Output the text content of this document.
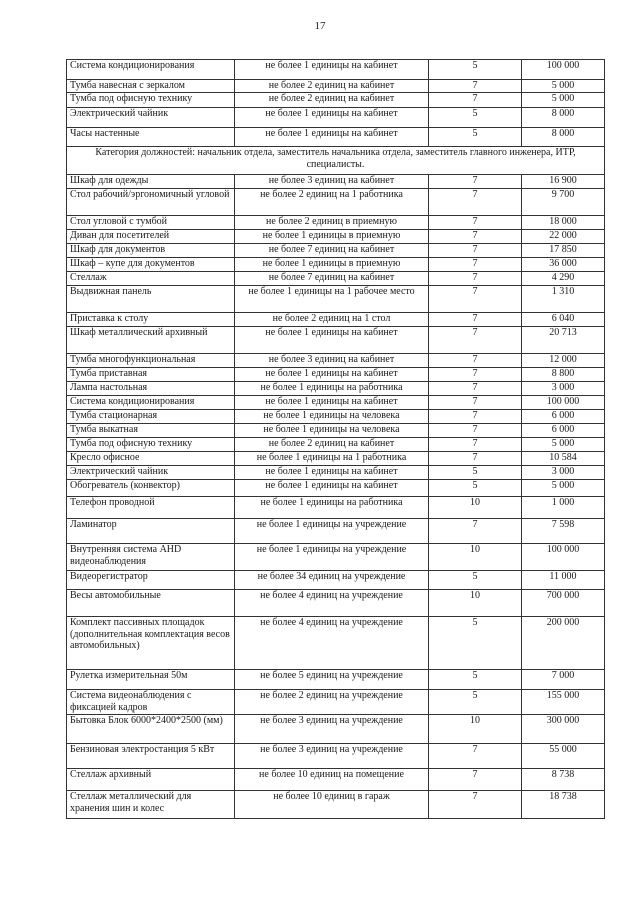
17
Система кондиционирования	не более 1 единицы на кабинет	5	100 000
Тумба навесная с зеркалом	не более 2 единиц на кабинет	7	5 000
Тумба под офисную технику	не более 2 единиц на кабинет	7	5 000
Электрический чайник	не более 1 единицы на кабинет	5	8 000
Часы настенные	не более 1 единицы на кабинет	5	8 000
Категория должностей: начальник отдела, заместитель начальника отдела, заместитель главного инженера, ИТР, специалисты.			
Шкаф для одежды	не более 3 единиц на кабинет	7	16 900
Стол рабочий/эргономичный угловой	не более 2 единиц на 1 работника	7	9 700
Стол угловой с тумбой	не более 2 единиц в приемную	7	18 000
Диван для посетителей	не более 1 единицы в приемную	7	22 000
Шкаф для документов	не более 7 единиц на кабинет	7	17 850
Шкаф – купе для документов	не более 1 единицы в приемную	7	36 000
Стеллаж	не более 7 единиц на кабинет	7	4 290
Выдвижная панель	не более 1 единицы на 1 рабочее место	7	1 310
Приставка к столу	не более 2 единиц на 1 стол	7	6 040
Шкаф металлический архивный	не более 1 единицы на кабинет	7	20 713
Тумба многофункциональная	не более 3 единиц на кабинет	7	12 000
Тумба приставная	не более 1 единицы на кабинет	7	8 800
Лампа настольная	не более 1 единицы на работника	7	3 000
Система кондиционирования	не более 1 единицы на кабинет	7	100 000
Тумба стационарная	не более 1 единицы на человека	7	6 000
Тумба выкатная	не более 1 единицы на человека	7	6 000
Тумба под офисную технику	не более 2 единиц на кабинет	7	5 000
Кресло офисное	не более 1 единицы на 1 работника	7	10 584
Электрический чайник	не более 1 единицы на кабинет	5	3 000
Обогреватель (конвектор)	не более 1 единицы на кабинет	5	5 000
Телефон проводной	не более 1 единицы на работника	10	1 000
Ламинатор	не более 1 единицы на учреждение	7	7 598
Внутренняя система AHD видеонаблюдения	не более 1 единицы на учреждение	10	100 000
Видеорегистратор	не более 34 единиц на учреждение	5	11 000
Весы автомобильные	не более 4 единиц на учреждение	10	700 000
Комплект пассивных площадок (дополнительная комплектация весов автомобильных)	не более 4 единиц на учреждение	5	200 000
Рулетка измерительная 50м	не более 5 единиц на учреждение	5	7 000
Система видеонаблюдения с фиксацией кадров	не более 2 единиц на учреждение	5	155 000
Бытовка Блок 6000*2400*2500 (мм)	не более 3 единиц на учреждение	10	300 000
Бензиновая электростанция 5 кВт	не более 3 единиц на учреждение	7	55 000
Стеллаж архивный	не более 10 единиц на помещение	7	8 738
Стеллаж металлический для хранения шин и колес	не более 10 единиц в гараж	7	18 738
